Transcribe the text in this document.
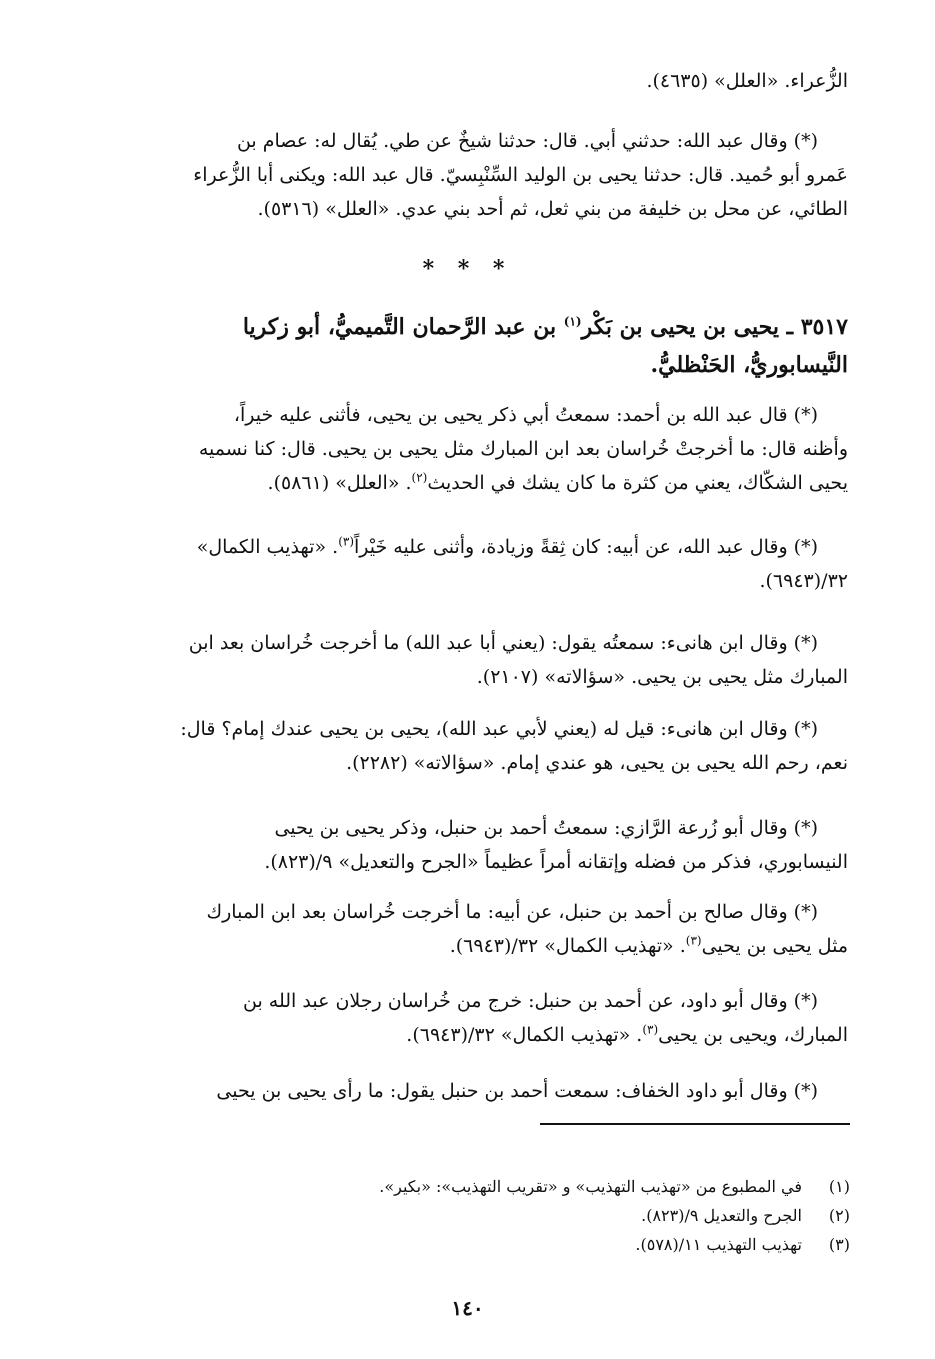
الزُّعراء. «العلل» (٤٦٣٥).
(*) وقال عبد الله: حدثني أبي. قال: حدثنا شيخٌ عن طي. يُقال له: عصام بن
عَمرو أبو حُميد. قال: حدثنا يحيى بن الوليد السِّنْبِسيّ. قال عبد الله: ويكنى أبا الزُّعراء
الطائي، عن محل بن خليفة من بني ثعل، ثم أحد بني عدي. «العلل» (٥٣١٦).
* * *
٣٥١٧ ـ يحيى بن يحيى بن بَكْر$^{(١)}$ بن عبد الرَّحمان التَّميميُّ، أبو زكريا
النَّيسابوريُّ، الحَنْظليُّ.
(*) قال عبد الله بن أحمد: سمعتُ أبي ذكر يحيى بن يحيى، فأثنى عليه خيراً،
وأظنه قال: ما أخرجتْ خُراسان بعد ابن المبارك مثل يحيى بن يحيى. قال: كنا نسميه
يحيى الشكّاك، يعني من كثرة ما كان يشك في الحديث$^{(٢)}$. «العلل» (٥٨٦١).
(*) وقال عبد الله، عن أبيه: كان ثِقةً وزيادة، وأثنى عليه خَيْراً$^{(٣)}$. «تهذيب الكمال»
٣٢/(٦٩٤٣).
(*) وقال ابن هانىء: سمعتُه يقول: (يعني أبا عبد الله) ما أخرجت خُراسان بعد ابن
المبارك مثل يحيى بن يحيى. «سؤالاته» (٢١٠٧).
(*) وقال ابن هانىء: قيل له (يعني لأبي عبد الله)، يحيى بن يحيى عندك إمام؟ قال:
نعم، رحم الله يحيى بن يحيى، هو عندي إمام. «سؤالاته» (٢٢٨٢).
(*) وقال أبو زُرعة الرَّازي: سمعتُ أحمد بن حنبل، وذكر يحيى بن يحيى
النيسابوري، فذكر من فضله وإتقانه أمراً عظيماً «الجرح والتعديل» ٩/(٨٢٣).
(*) وقال صالح بن أحمد بن حنبل، عن أبيه: ما أخرجت خُراسان بعد ابن المبارك
مثل يحيى بن يحيى$^{(٣)}$. «تهذيب الكمال» ٣٢/(٦٩٤٣).
(*) وقال أبو داود، عن أحمد بن حنبل: خرج من خُراسان رجلان عبد الله بن
المبارك، ويحيى بن يحيى$^{(٣)}$. «تهذيب الكمال» ٣٢/(٦٩٤٣).
(*) وقال أبو داود الخفاف: سمعت أحمد بن حنبل يقول: ما رأى يحيى بن يحيى
(١)
في المطبوع من «تهذيب التهذيب» و «تقريب التهذيب»: «بكير».
(٢)
الجرح والتعديل ٩/(٨٢٣).
(٣)
تهذيب التهذيب ١١/(٥٧٨).
١٤٠
